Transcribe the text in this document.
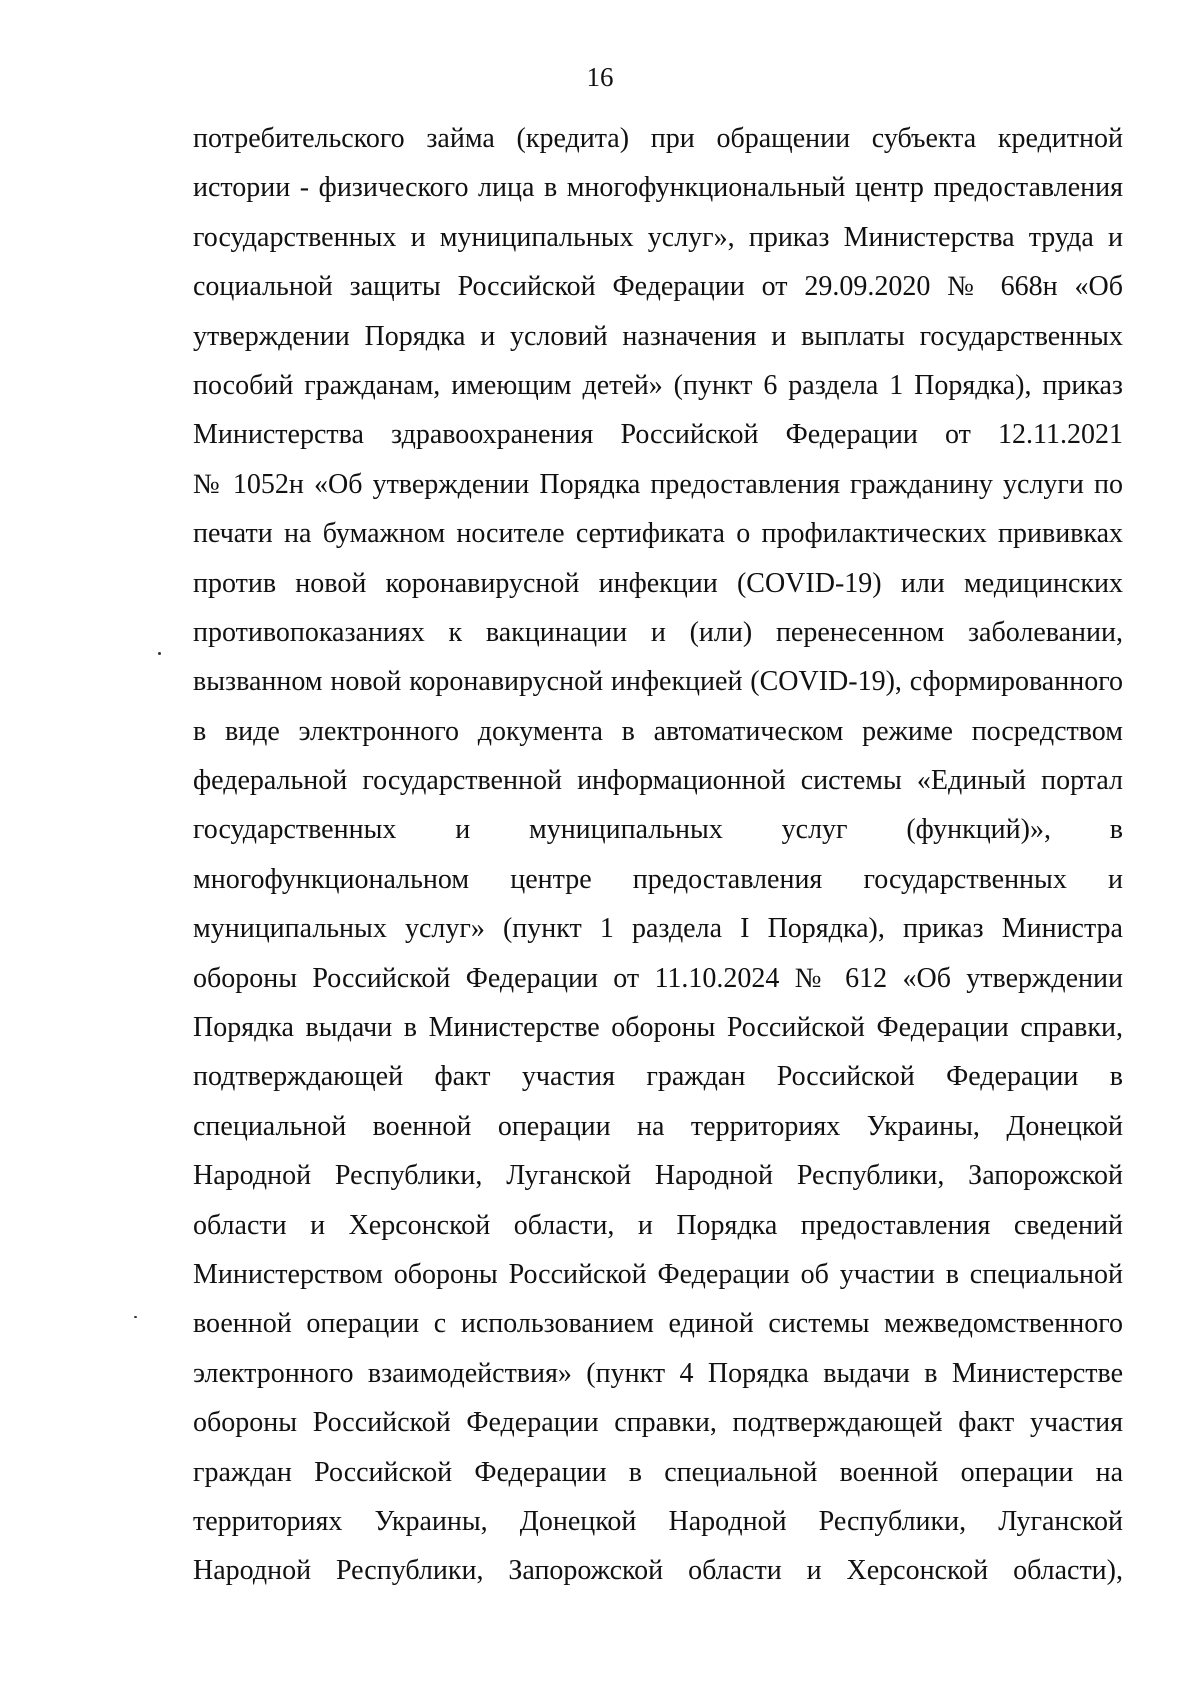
16
потребительского займа (кредита) при обращении субъекта кредитной
истории - физического лица в многофункциональный центр предоставления
государственных и муниципальных услуг», приказ Министерства труда и
социальной защиты Российской Федерации от 29.09.2020 № 668н «Об
утверждении Порядка и условий назначения и выплаты государственных
пособий гражданам, имеющим детей» (пункт 6 раздела 1 Порядка), приказ
Министерства здравоохранения Российской Федерации от 12.11.2021
№ 1052н «Об утверждении Порядка предоставления гражданину услуги по
печати на бумажном носителе сертификата о профилактических прививках
против новой коронавирусной инфекции (COVID-19) или медицинских
противопоказаниях к вакцинации и (или) перенесенном заболевании,
вызванном новой коронавирусной инфекцией (COVID-19), сформированного
в виде электронного документа в автоматическом режиме посредством
федеральной государственной информационной системы «Единый портал
государственных и муниципальных услуг (функций)», в
многофункциональном центре предоставления государственных и
муниципальных услуг» (пункт 1 раздела I Порядка), приказ Министра
обороны Российской Федерации от 11.10.2024 № 612 «Об утверждении
Порядка выдачи в Министерстве обороны Российской Федерации справки,
подтверждающей факт участия граждан Российской Федерации в
специальной военной операции на территориях Украины, Донецкой
Народной Республики, Луганской Народной Республики, Запорожской
области и Херсонской области, и Порядка предоставления сведений
Министерством обороны Российской Федерации об участии в специальной
военной операции с использованием единой системы межведомственного
электронного взаимодействия» (пункт 4 Порядка выдачи в Министерстве
обороны Российской Федерации справки, подтверждающей факт участия
граждан Российской Федерации в специальной военной операции на
территориях Украины, Донецкой Народной Республики, Луганской
Народной Республики, Запорожской области и Херсонской области),
